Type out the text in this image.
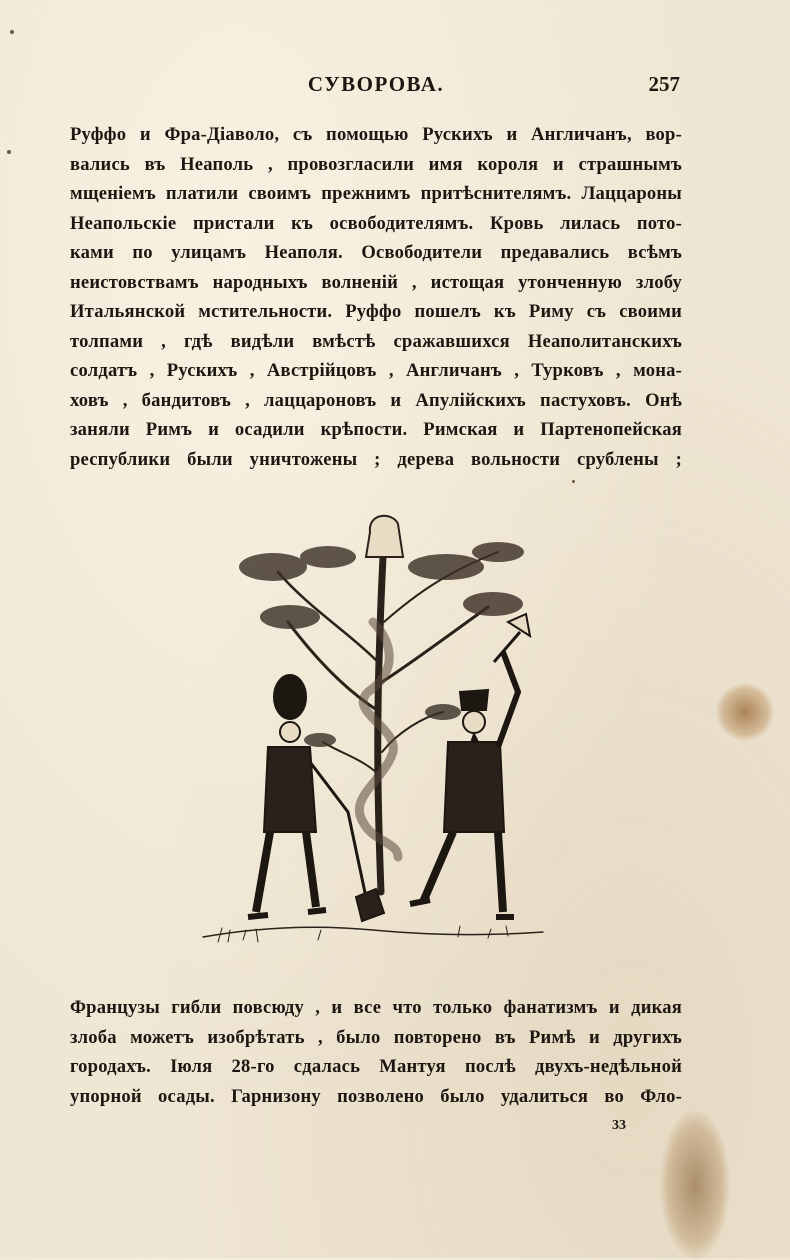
СУВОРОВА.	257
Руффо и Фра-Діаволо, съ помощью Рускихъ и Англичанъ, вор-
вались въ Неаполь , провозгласили имя короля и страшнымъ
мщеніемъ платили своимъ прежнимъ притѣснителямъ. Лаццароны
Неапольскіе пристали къ освободителямъ. Кровь лилась пото-
ками по улицамъ Неаполя. Освободители предавались всѣмъ
неистовствамъ народныхъ волненій , истощая утонченную злобу
Итальянской мстительности. Руффо пошелъ къ Риму съ своими
толпами , гдѣ видѣли вмѣстѣ сражавшихся Неаполитанскихъ
солдатъ , Рускихъ , Австрійцовъ , Англичанъ , Турковъ , мона-
ховъ , бандитовъ , лаццароновъ и Апулійскихъ пастуховъ. Онѣ
заняли Римъ и осадили крѣпости. Римская и Партенопейская
республики были уничтожены ; дерева вольности срублены ;
Французы гибли повсюду , и все что только фанатизмъ и дикая
злоба можетъ изобрѣтать , было повторено въ Римѣ и другихъ
городахъ. Іюля 28-го сдалась Мантуя послѣ двухъ-недѣльной
упорной осады. Гарнизону позволено было удалиться во Фло-
33
